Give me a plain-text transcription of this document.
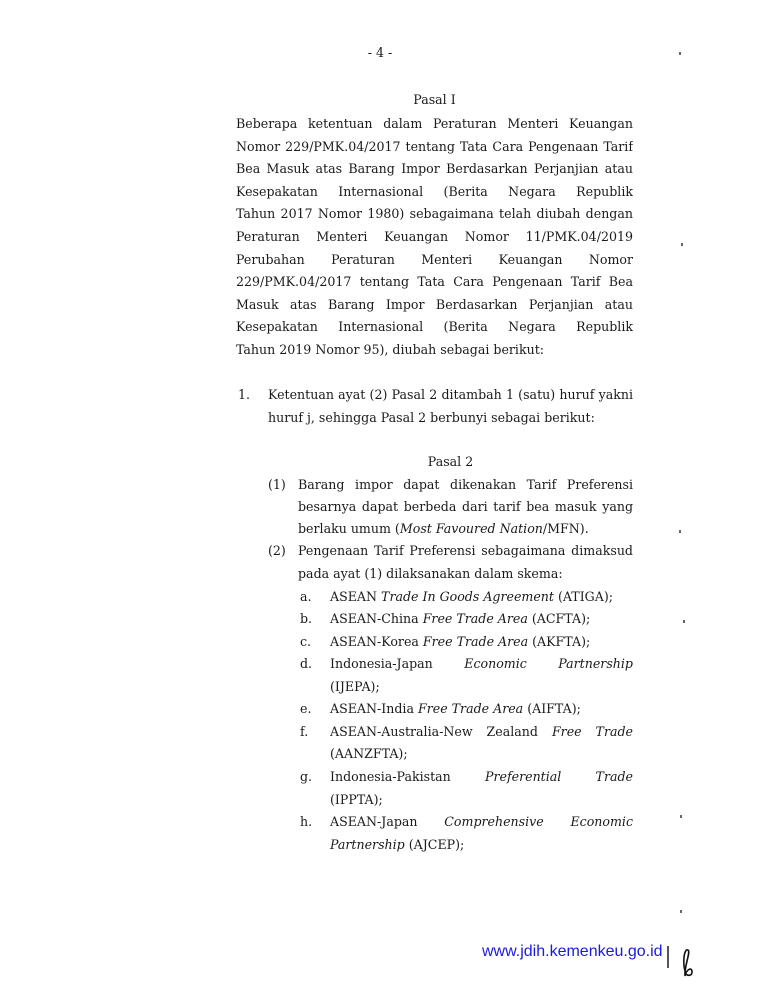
- 4 -
Pasal I
Beberapa ketentuan dalam Peraturan Menteri Keuangan
Nomor 229/PMK.04/2017 tentang Tata Cara Pengenaan Tarif
Bea Masuk atas Barang Impor Berdasarkan Perjanjian atau
Kesepakatan Internasional (Berita Negara Republik
Tahun 2017 Nomor 1980) sebagaimana telah diubah dengan
Peraturan Menteri Keuangan Nomor 11/PMK.04/2019
Perubahan Peraturan Menteri Keuangan Nomor
229/PMK.04/2017 tentang Tata Cara Pengenaan Tarif Bea
Masuk atas Barang Impor Berdasarkan Perjanjian atau
Kesepakatan Internasional (Berita Negara Republik
Tahun 2019 Nomor 95), diubah sebagai berikut:
1. Ketentuan ayat (2) Pasal 2 ditambah 1 (satu) huruf yakni
huruf j, sehingga Pasal 2 berbunyi sebagai berikut:
Pasal 2
(1) Barang impor dapat dikenakan Tarif Preferensi
besarnya dapat berbeda dari tarif bea masuk yang
berlaku umum (Most Favoured Nation/MFN).
(2) Pengenaan Tarif Preferensi sebagaimana dimaksud
pada ayat (1) dilaksanakan dalam skema:
a. ASEAN Trade In Goods Agreement (ATIGA);
b. ASEAN-China Free Trade Area (ACFTA);
c. ASEAN-Korea Free Trade Area (AKFTA);
d. Indonesia-Japan Economic Partnership
(IJEPA);
e. ASEAN-India Free Trade Area (AIFTA);
f. ASEAN-Australia-New Zealand Free Trade
(AANZFTA);
g. Indonesia-Pakistan Preferential Trade
(IPPTA);
h. ASEAN-Japan Comprehensive Economic
Partnership (AJCEP);
www.jdih.kemenkeu.go.id
